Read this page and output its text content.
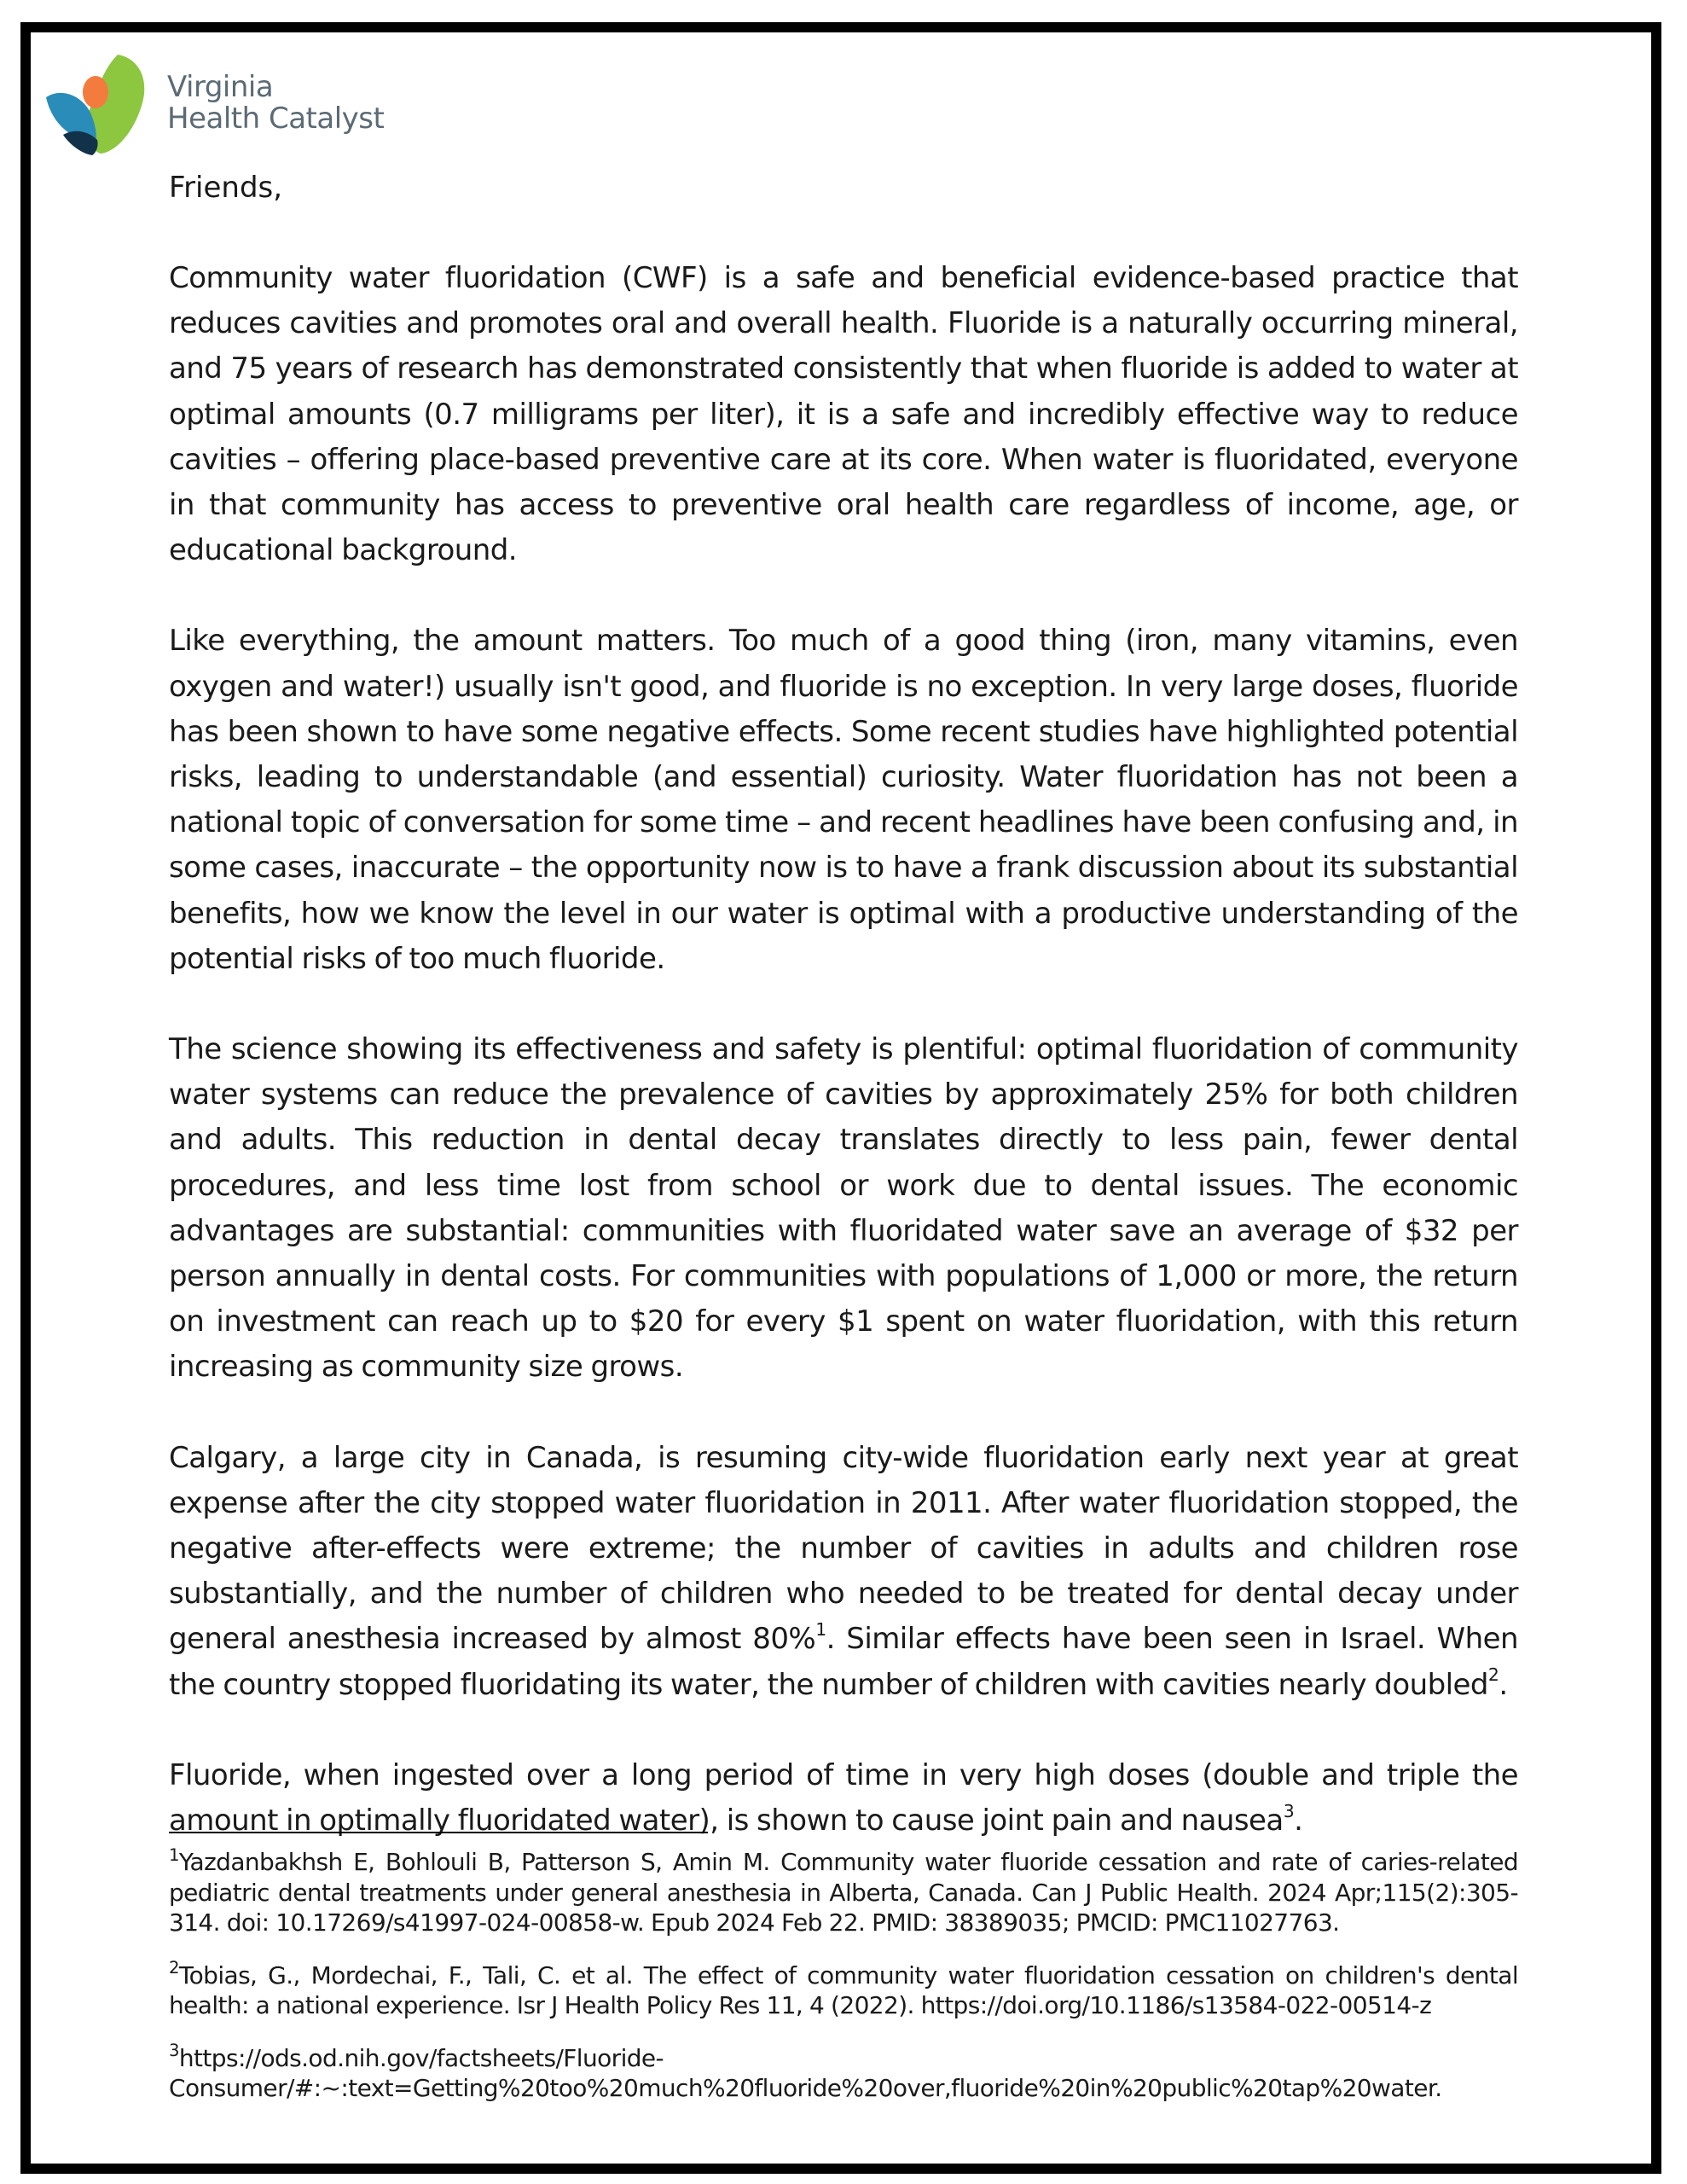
Virginia
Health Catalyst

Friends,

Community water fluoridation (CWF) is a safe and beneficial evidence-based practice that reduces cavities and promotes oral and overall health. Fluoride is a naturally occurring mineral, and 75 years of research has demonstrated consistently that when fluoride is added to water at optimal amounts (0.7 milligrams per liter), it is a safe and incredibly effective way to reduce cavities – offering place-based preventive care at its core. When water is fluoridated, everyone in that community has access to preventive oral health care regardless of income, age, or educational background.

Like everything, the amount matters. Too much of a good thing (iron, many vitamins, even oxygen and water!) usually isn't good, and fluoride is no exception. In very large doses, fluoride has been shown to have some negative effects. Some recent studies have highlighted potential risks, leading to understandable (and essential) curiosity. Water fluoridation has not been a national topic of conversation for some time – and recent headlines have been confusing and, in some cases, inaccurate – the opportunity now is to have a frank discussion about its substantial benefits, how we know the level in our water is optimal with a productive understanding of the potential risks of too much fluoride.

The science showing its effectiveness and safety is plentiful: optimal fluoridation of community water systems can reduce the prevalence of cavities by approximately 25% for both children and adults. This reduction in dental decay translates directly to less pain, fewer dental procedures, and less time lost from school or work due to dental issues. The economic advantages are substantial: communities with fluoridated water save an average of $32 per person annually in dental costs. For communities with populations of 1,000 or more, the return on investment can reach up to $20 for every $1 spent on water fluoridation, with this return increasing as community size grows.

Calgary, a large city in Canada, is resuming city-wide fluoridation early next year at great expense after the city stopped water fluoridation in 2011. After water fluoridation stopped, the negative after-effects were extreme; the number of cavities in adults and children rose substantially, and the number of children who needed to be treated for dental decay under general anesthesia increased by almost 80%$^1$. Similar effects have been seen in Israel. When the country stopped fluoridating its water, the number of children with cavities nearly doubled$^2$.

Fluoride, when ingested over a long period of time in very high doses (double and triple the amount in optimally fluoridated water), is shown to cause joint pain and nausea$^3$.

$^1$Yazdanbakhsh E, Bohlouli B, Patterson S, Amin M. Community water fluoride cessation and rate of caries-related pediatric dental treatments under general anesthesia in Alberta, Canada. Can J Public Health. 2024 Apr;115(2):305-314. doi: 10.17269/s41997-024-00858-w. Epub 2024 Feb 22. PMID: 38389035; PMCID: PMC11027763.

$^2$Tobias, G., Mordechai, F., Tali, C. et al. The effect of community water fluoridation cessation on children's dental health: a national experience. Isr J Health Policy Res 11, 4 (2022). https://doi.org/10.1186/s13584-022-00514-z

$^3$https://ods.od.nih.gov/factsheets/Fluoride-
Consumer/#:~:text=Getting%20too%20much%20fluoride%20over,fluoride%20in%20public%20tap%20water.
